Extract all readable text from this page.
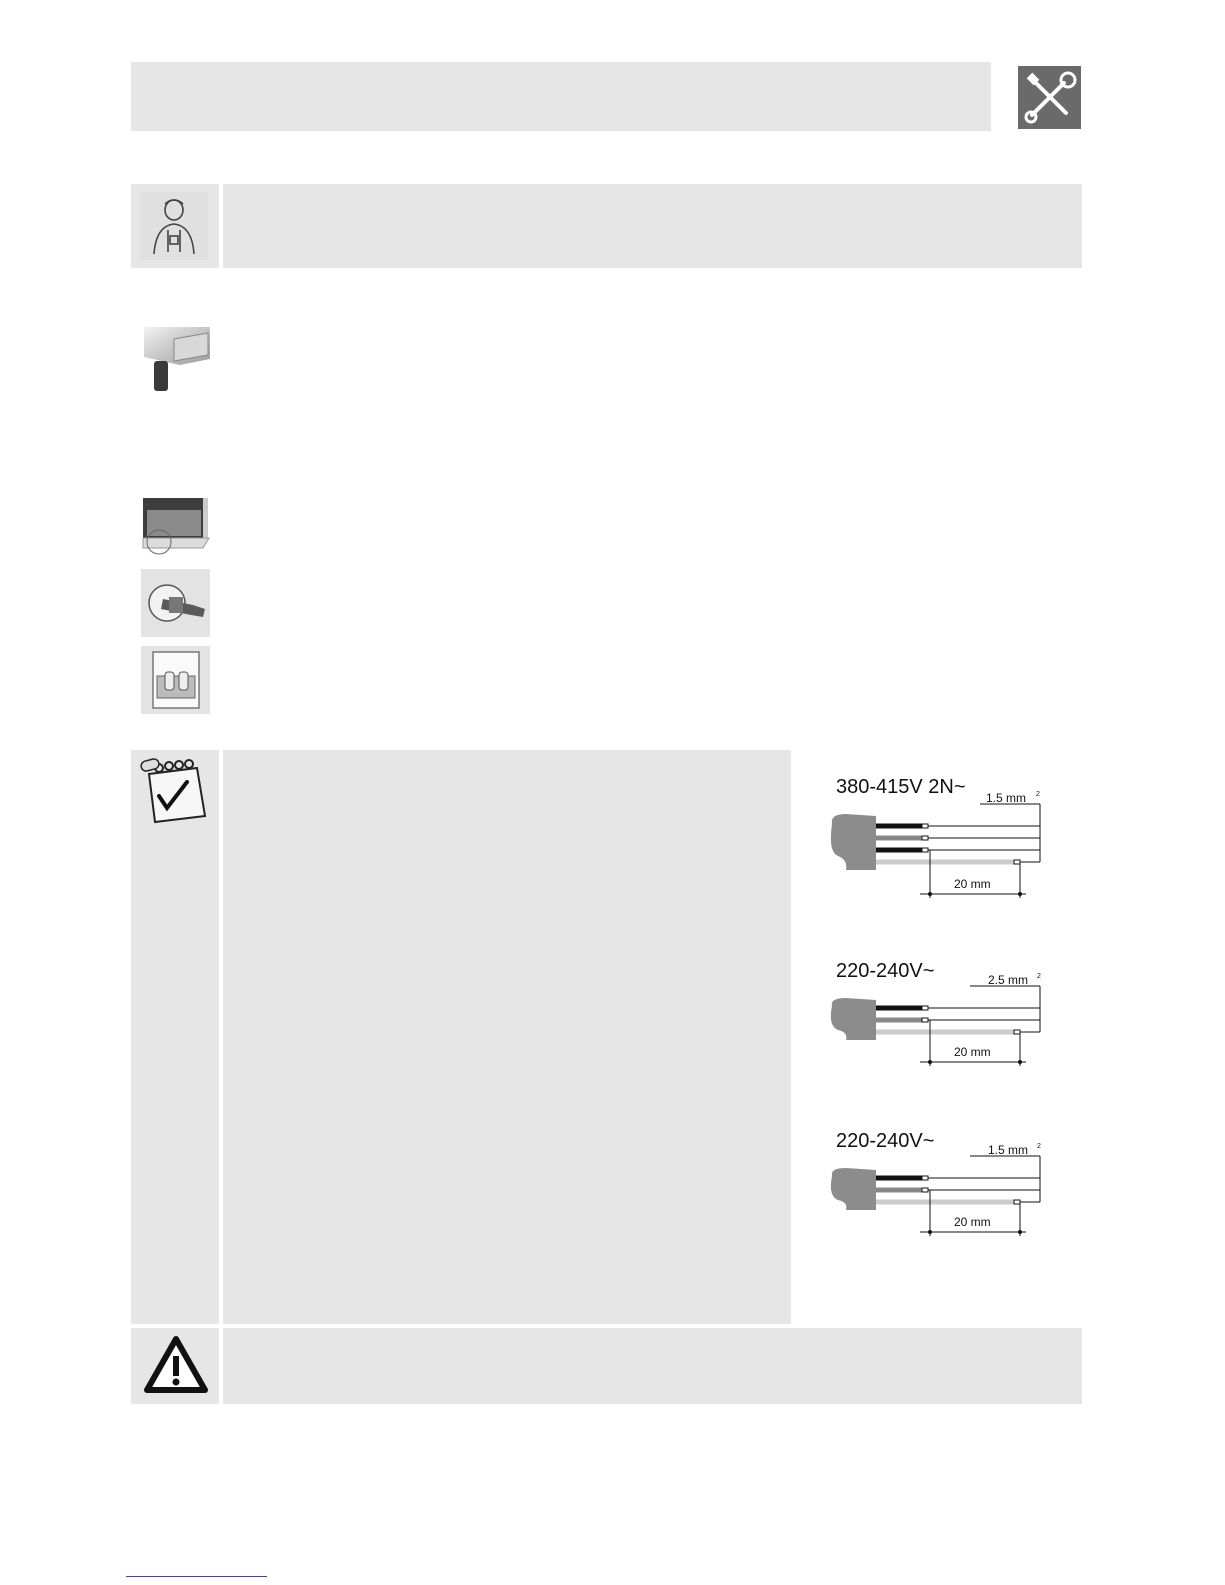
380-415V 2N~ 1.5 mm 2
20 mm
220-240V~	2.5 mm 2
20 mm
220-240V~	1.5 mm 2
20 mm
